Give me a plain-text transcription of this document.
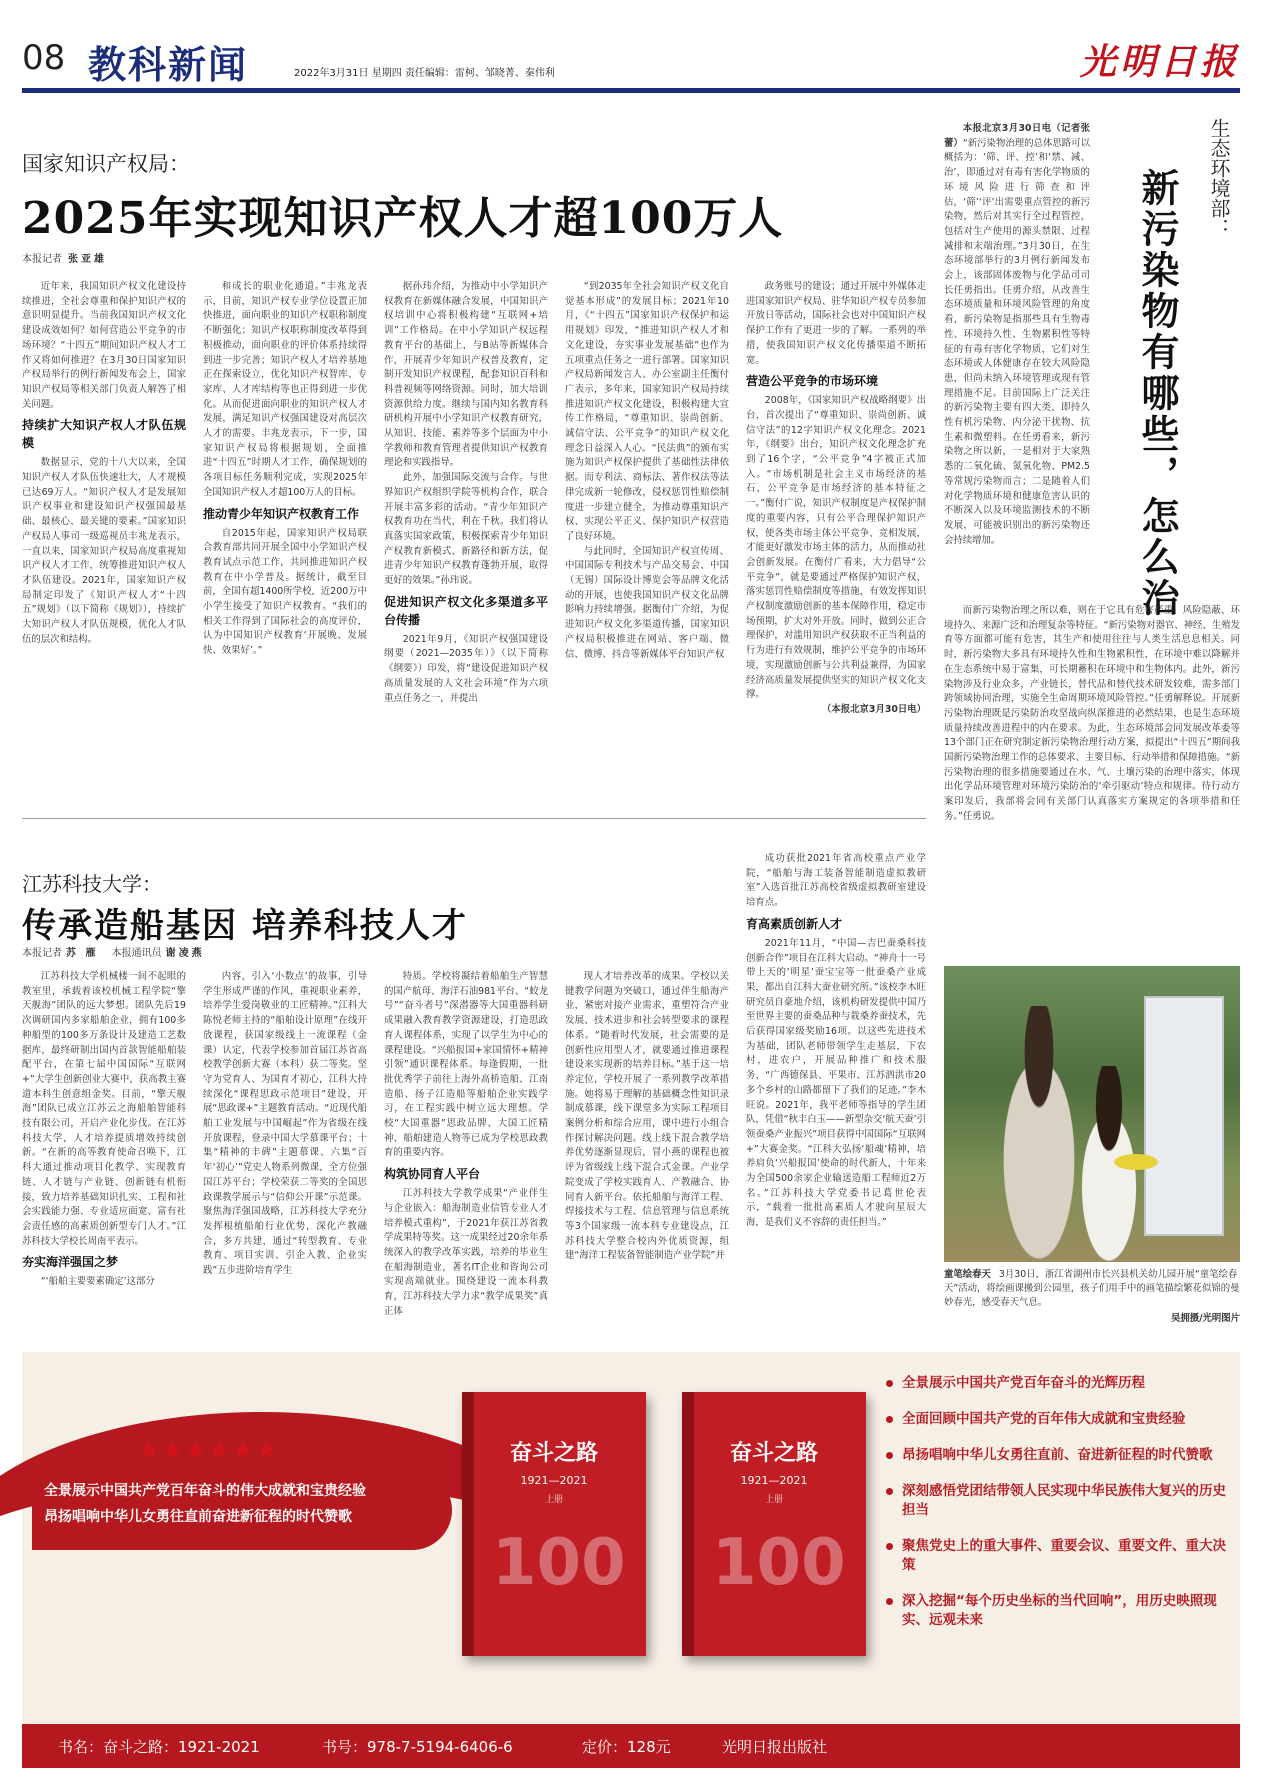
08 教科新闻	2022年3月31日 星期四 责任编辑：雷柯、邹晓菁、秦伟利	光明日报
国家知识产权局：
2025年实现知识产权人才超100万人
本报记者 张亚雄

近年来，我国知识产权文化建设持续推进，全社会尊重和保护知识产权的意识明显提升。当前我国知识产权文化建设成效如何？如何营造公平竞争的市场环境？“十四五”期间知识产权人才工作又将如何推进？在3月30日国家知识产权局举行的例行新闻发布会上，国家知识产权局等相关部门负责人解答了相关问题。

持续扩大知识产权人才队伍规模

数据显示，党的十八大以来，全国知识产权人才队伍快速壮大，人才规模已达69万人。“知识产权人才是发展知识产权事业和建设知识产权强国最基础、最核心、最关键的要素。”国家知识产权局人事司一级巡视员丰兆龙表示，一直以来，国家知识产权局高度重视知识产权人才工作，统筹推进知识产权人才队伍建设。2021年，国家知识产权局制定印发了《知识产权人才“十四五”规划》（以下简称《规划》），持续扩大知识产权人才队伍规模，优化人才队伍的层次和结构。

和成长的职业化通道。”丰兆龙表示，目前，知识产权专业学位设置正加快推进，面向职业的知识产权职称制度不断强化；知识产权职称制度改革得到积极推动，面向职业的评价体系持续得到进一步完善；知识产权人才培养基地正在探索设立，优化知识产权智库、专家库、人才库结构等也正得到进一步优化。从而促进面向职业的知识产权人才发展，满足知识产权强国建设对高层次人才的需要。丰兆龙表示，下一步，国家知识产权局将根据规划，全面推进“十四五”时期人才工作，确保规划的各项目标任务顺利完成，实现2025年全国知识产权人才超100万人的目标。

推动青少年知识产权教育工作

自2015年起，国家知识产权局联合教育部共同开展全国中小学知识产权教育试点示范工作，共同推进知识产权教育在中小学普及。据统计，截至目前，全国有超1400所学校，近200万中小学生接受了知识产权教育。“我们的相关工作得到了国际社会的高度评价，认为中国知识产权教育‘开展晚、发展快、效果好’。”

据孙玮介绍，为推动中小学知识产权教育在新媒体融合发展，中国知识产权培训中心将积极构建“互联网+培训”工作格局。在中小学知识产权远程教育平台的基础上，与B站等新媒体合作，开展青少年知识产权普及教育，定制开发知识产权课程，配套知识百科和科普视频等网络资源。同时，加大培训资源供给力度。继续与国内知名教育科研机构开展中小学知识产权教育研究，从知识、技能、素养等多个层面为中小学教师和教育管理者提供知识产权教育理论和实践指导。

此外，加强国际交流与合作。与世界知识产权组织学院等机构合作，联合开展丰富多彩的活动。“青少年知识产权教育功在当代，利在千秋。我们将认真落实国家政策，积极探索青少年知识产权教育新模式、新路径和新方法，促进青少年知识产权教育蓬勃开展，取得更好的效果。”孙玮说。

促进知识产权文化多渠道多平台传播

2021年9月，《知识产权强国建设纲要（2021—2035年）》（以下简称《纲要》）印发，将“建设促进知识产权高质量发展的人文社会环境”作为六项重点任务之一，并提出

“到2035年全社会知识产权文化自觉基本形成”的发展目标；2021年10月，《“十四五”国家知识产权保护和运用规划》印发，“推进知识产权人才和文化建设，夯实事业发展基础”也作为五项重点任务之一进行部署。国家知识产权局新闻发言人、办公室副主任衡付广表示，多年来，国家知识产权局持续推进知识产权文化建设，积极构建大宣传工作格局，“尊重知识、崇尚创新、诚信守法、公平竞争”的知识产权文化理念日益深入人心。“民法典”的颁布实施为知识产权保护提供了基础性法律依据。而专利法、商标法、著作权法等法律完成新一轮修改，侵权惩罚性赔偿制度进一步建立健全，为推动尊重知识产权、实现公平正义、保护知识产权营造了良好环境。

与此同时，全国知识产权宣传周、中国国际专利技术与产品交易会、中国（无锡）国际设计博览会等品牌文化活动的开展，也使我国知识产权文化品牌影响力持续增强。据衡付广介绍，为促进知识产权文化多渠道传播，国家知识产权局积极推进在网站、客户端、微信、微博、抖音等新媒体平台知识产权

政务账号的建设；通过开展中外媒体走进国家知识产权局、驻华知识产权专员参加开放日等活动，国际社会也对中国知识产权保护工作有了更进一步的了解。一系列的举措，使我国知识产权文化传播渠道不断拓宽。

营造公平竞争的市场环境

2008年，《国家知识产权战略纲要》出台，首次提出了“尊重知识、崇尚创新、诚信守法”的12字知识产权文化理念。2021年，《纲要》出台，知识产权文化理念扩充到了16个字，“公平竞争”4字被正式加入。“市场机制是社会主义市场经济的基石，公平竞争是市场经济的基本特征之一。”衡付广说，知识产权制度是产权保护制度的重要内容，只有公平合理保护知识产权，使各类市场主体公平竞争、竞相发展，才能更好激发市场主体的活力，从而推动社会创新发展。在衡付广看来，大力倡导“公平竞争”，就是要通过严格保护知识产权，落实惩罚性赔偿制度等措施，有效发挥知识产权制度激励创新的基本保障作用，稳定市场预期，扩大对外开放。同时，做到公正合理保护，对滥用知识产权获取不正当利益的行为进行有效规制，维护公平竞争的市场环境，实现激励创新与公共利益兼得，为国家经济高质量发展提供坚实的知识产权文化支撑。

（本报北京3月30日电）

生态环境部：
新污染物有哪些，怎么治

本报北京3月30日电（记者张蕾）“新污染物治理的总体思路可以概括为：‘筛、评、控’和‘禁、减、治’，即通过对有毒有害化学物质的环境风险进行筛查和评估，‘筛’‘评’出需要重点管控的新污染物，然后对其实行全过程管控，包括对生产使用的源头禁限、过程减排和末端治理。”3月30日，在生态环境部举行的3月例行新闻发布会上，该部固体废物与化学品司司长任勇指出。任勇介绍，从改善生态环境质量和环境风险管理的角度看，新污染物是指那些具有生物毒性、环境持久性、生物累积性等特征的有毒有害化学物质，它们对生态环境或人体健康存在较大风险隐患，但尚未纳入环境管理或现有管理措施不足。目前国际上广泛关注的新污染物主要有四大类，即持久性有机污染物、内分泌干扰物、抗生素和微塑料。在任勇看来，新污染物之所以新，一是相对于大家熟悉的二氧化硫、氮氧化物、PM2.5等常规污染物而言；二是随着人们对化学物质环境和健康危害认识的不断深入以及环境监测技术的不断发展，可能被识别出的新污染物还会持续增加。

而新污染物治理之所以难，则在于它具有危害严重、风险隐蔽、环境持久、来源广泛和治理复杂等特征。“新污染物对器官、神经、生殖发育等方面都可能有危害，其生产和使用往往与人类生活息息相关。同时，新污染物大多具有环境持久性和生物累积性，在环境中难以降解并在生态系统中易于富集，可长期蓄积在环境中和生物体内。此外，新污染物涉及行业众多，产业链长，替代品和替代技术研发较难，需多部门跨领域协同治理，实施全生命周期环境风险管控。”任勇解释说。开展新污染物治理既是污染防治攻坚战向纵深推进的必然结果，也是生态环境质量持续改善进程中的内在要求。为此，生态环境部会同发展改革委等13个部门正在研究制定新污染物治理行动方案，拟提出“十四五”期间我国新污染物治理工作的总体要求、主要目标、行动举措和保障措施。“新污染物治理的很多措施要通过在水、气、土壤污染的治理中落实，体现出化学品环境管理对环境污染防治的‘牵引驱动’特点和规律。待行动方案印发后，我部将会同有关部门认真落实方案规定的各项举措和任务。”任勇说。

江苏科技大学：
传承造船基因 培养科技人才
本报记者 苏 雁 本报通讯员 谢凌燕

江苏科技大学机械楼一间不起眼的教室里，承载着该校机械工程学院“擎天舰海”团队的远大梦想。团队先后19次调研国内多家船舶企业，拥有100多种船型的100多万条设计及建造工艺数据库，最终研制出国内首款智能船舶装配平台，在第七届中国国际“互联网+”大学生创新创业大赛中，获高教主赛道本科生创意组金奖。目前，“擎天舰海”团队已成立江苏云之海船舶智能科技有限公司，开启产业化步伐。在江苏科技大学，人才培养提质增效持续创新。“在新的高等教育使命召唤下，江科大通过推动项目化教学、实现教育链、人才链与产业链、创新链有机衔接，致力培养基础知识扎实、工程和社会实践能力强、专业适应面宽、富有社会责任感的高素质创新型专门人才。”江苏科技大学校长周南平表示。

夯实海洋强国之梦

“‘船舶主要要素确定’这部分

内容，引入‘小数点’的故事，引导学生形成严谨的作风，重视职业素养，培养学生爱岗敬业的工匠精神。”江科大陈悦老师主持的“船舶设计原理”在线开放课程，获国家级线上一流课程（金课）认定，代表学校参加首届江苏省高校教学创新大赛（本科）获二等奖。坚守为党育人、为国育才初心，江科大持续深化“课程思政示范项目”建设，开展“思政课+”主题教育活动。“近现代船舶工业发展与中国崛起”作为省级在线开放课程，登录中国大学慕课平台；十集“精神的丰碑”主题慕课、六集“百年‘初心’”党史人物系列微课，全方位强国江苏平台；学校荣获二等奖的全国思政课教学展示与“信仰公开课”示范课。聚焦海洋强国战略，江苏科技大学充分发挥根植船舶行业优势，深化产教融合，多方共建，通过“转型教育、专业教育、项目实训、引企入教、企业实践”五步进阶培育学生

特质。学校将凝结着船舶生产智慧的国产航母、海洋石油981平台、“蛟龙号”“奋斗者号”深潜器等大国重器科研成果融入教育教学资源建设，打造思政育人课程体系，实现了以学生为中心的课程建设。“兴船报国+家国情怀+精神引领”通识课程体系。每逢假期，一批批优秀学子前往上海外高桥造船、江南造船、扬子江造船等船舶企业实践学习，在工程实践中树立远大理想。学校“大国重器”思政品牌、大国工匠精神、船舶建造人物等已成为学校思政教育的重要内容。

构筑协同育人平台

江苏科技大学教学成果“产业伴生与企业嵌入：船海制造业信管专业人才培养模式重构”，于2021年获江苏省教学成果特等奖。这一成果经过20余年系统深入的教学改革实践，培养的毕业生在船海制造业，著名IT企业和咨询公司实现高端就业。围绕建设一流本科教育，江苏科技大学力求“教学成果奖”真正体

现人才培养改革的成果。学校以关键教学问题为突破口，通过伴生船海产业，紧密对接产业需求，重塑符合产业发展、技术进步和社会转型要求的课程体系。“随着时代发展，社会需要的是创新性应用型人才，就要通过推进课程建设来实现新的培养目标。”基于这一培养定位，学校开展了一系列教学改革措施。她将易于理解的基础概念性知识录制成慕课，线下课堂多为实际工程项目案例分析和综合应用，课中进行小组合作探讨解决问题。线上线下混合教学培养优势逐渐显现后，冒小燕的课程也被评为省级线上线下混合式金课。产业学院变成了学校实践育人、产教融合、协同育人新平台。依托船舶与海洋工程、焊接技术与工程、信息管理与信息系统等3个国家级一流本科专业建设点，江苏科技大学整合校内外优质资源，组建“海洋工程装备智能制造产业学院”并

成功获批2021年省高校重点产业学院，“船舶与海工装备智能制造虚拟教研室”入选首批江苏高校省级虚拟教研室建设培育点。

育高素质创新人才

2021年11月，“中国—吉巴蚕桑科技创新合作”项目在江科大启动。“神舟十一号带上天的‘明星’蚕宝宝等一批蚕桑产业成果，都出自江科大蚕业研究所。”该校李木旺研究员自豪地介绍，该机构研发提供中国乃至世界主要的蚕桑品种与栽桑养蚕技术，先后获得国家级奖励16项。以这些先进技术为基础，团队老师带领学生走基层，下农村，进农户，开展品种推广和技术服务，“广西德保县、平果市、江苏泗洪市20多个乡村的山路都留下了我们的足迹。”李木旺说。2021年，我平老师等指导的学生团队，凭借“秋丰白玉——新型杂交‘航天蚕’引领蚕桑产业振兴”项目获得中国国际“互联网+”大赛金奖。“江科大弘扬‘船魂’精神，培养肩负‘兴船报国’使命的时代新人，十年来为全国500余家企业输送造船工程师近2万名。”江苏科技大学党委书记葛世伦表示，“载着一批批高素质人才驶向星辰大海，是我们义不容辞的责任担当。”

童笔绘春天 3月30日，浙江省湖州市长兴县机关幼儿园开展“童笔绘春天”活动，将绘画课搬到公园里，孩子们用手中的画笔描绘繁花似锦的曼妙春光，感受春天气息。
吴拥摄/光明图片
★★★★★★
全景展示中国共产党百年奋斗的伟大成就和宝贵经验
昂扬唱响中华儿女勇往直前奋进新征程的时代赞歌
奋斗之路
1921—2021
上册
100
奋斗之路
1921—2021
上册
100
全景展示中国共产党百年奋斗的光辉历程
全面回顾中国共产党的百年伟大成就和宝贵经验
昂扬唱响中华儿女勇往直前、奋进新征程的时代赞歌
深刻感悟党团结带领人民实现中华民族伟大复兴的历史担当
聚焦党史上的重大事件、重要会议、重要文件、重大决策
深入挖掘“每个历史坐标的当代回响”，用历史映照现实、远观未来
书名：奋斗之路：1921-2021	书号：978-7-5194-6406-6	定价：128元	光明日报出版社
